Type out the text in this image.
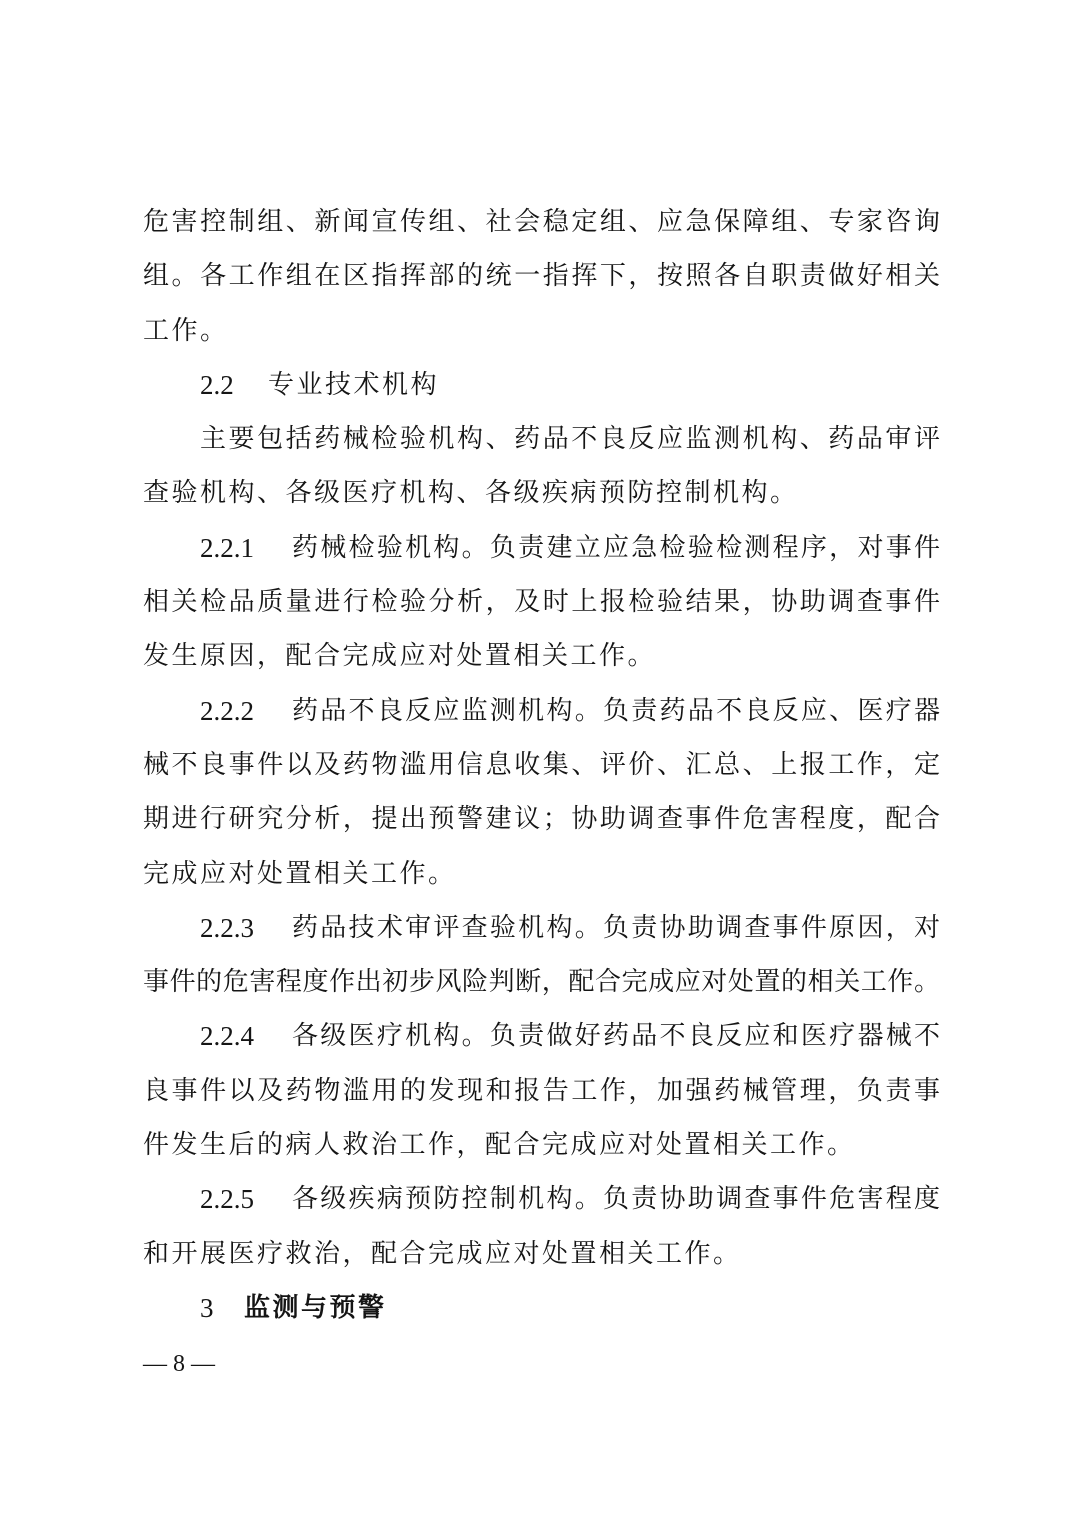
危害控制组、新闻宣传组、社会稳定组、应急保障组、专家咨询
组。各工作组在区指挥部的统一指挥下，按照各自职责做好相关
工作。
2.2	专业技术机构
主要包括药械检验机构、药品不良反应监测机构、药品审评
查验机构、各级医疗机构、各级疾病预防控制机构。
2.2.1	药械检验机构。负责建立应急检验检测程序，对事件
相关检品质量进行检验分析，及时上报检验结果，协助调查事件
发生原因，配合完成应对处置相关工作。
2.2.2	药品不良反应监测机构。负责药品不良反应、医疗器
械不良事件以及药物滥用信息收集、评价、汇总、上报工作，定
期进行研究分析，提出预警建议；协助调查事件危害程度，配合
完成应对处置相关工作。
2.2.3	药品技术审评查验机构。负责协助调查事件原因，对
事件的危害程度作出初步风险判断，配合完成应对处置的相关工作。
2.2.4	各级医疗机构。负责做好药品不良反应和医疗器械不
良事件以及药物滥用的发现和报告工作，加强药械管理，负责事
件发生后的病人救治工作，配合完成应对处置相关工作。
2.2.5	各级疾病预防控制机构。负责协助调查事件危害程度
和开展医疗救治，配合完成应对处置相关工作。
3	监测与预警
— 8 —
